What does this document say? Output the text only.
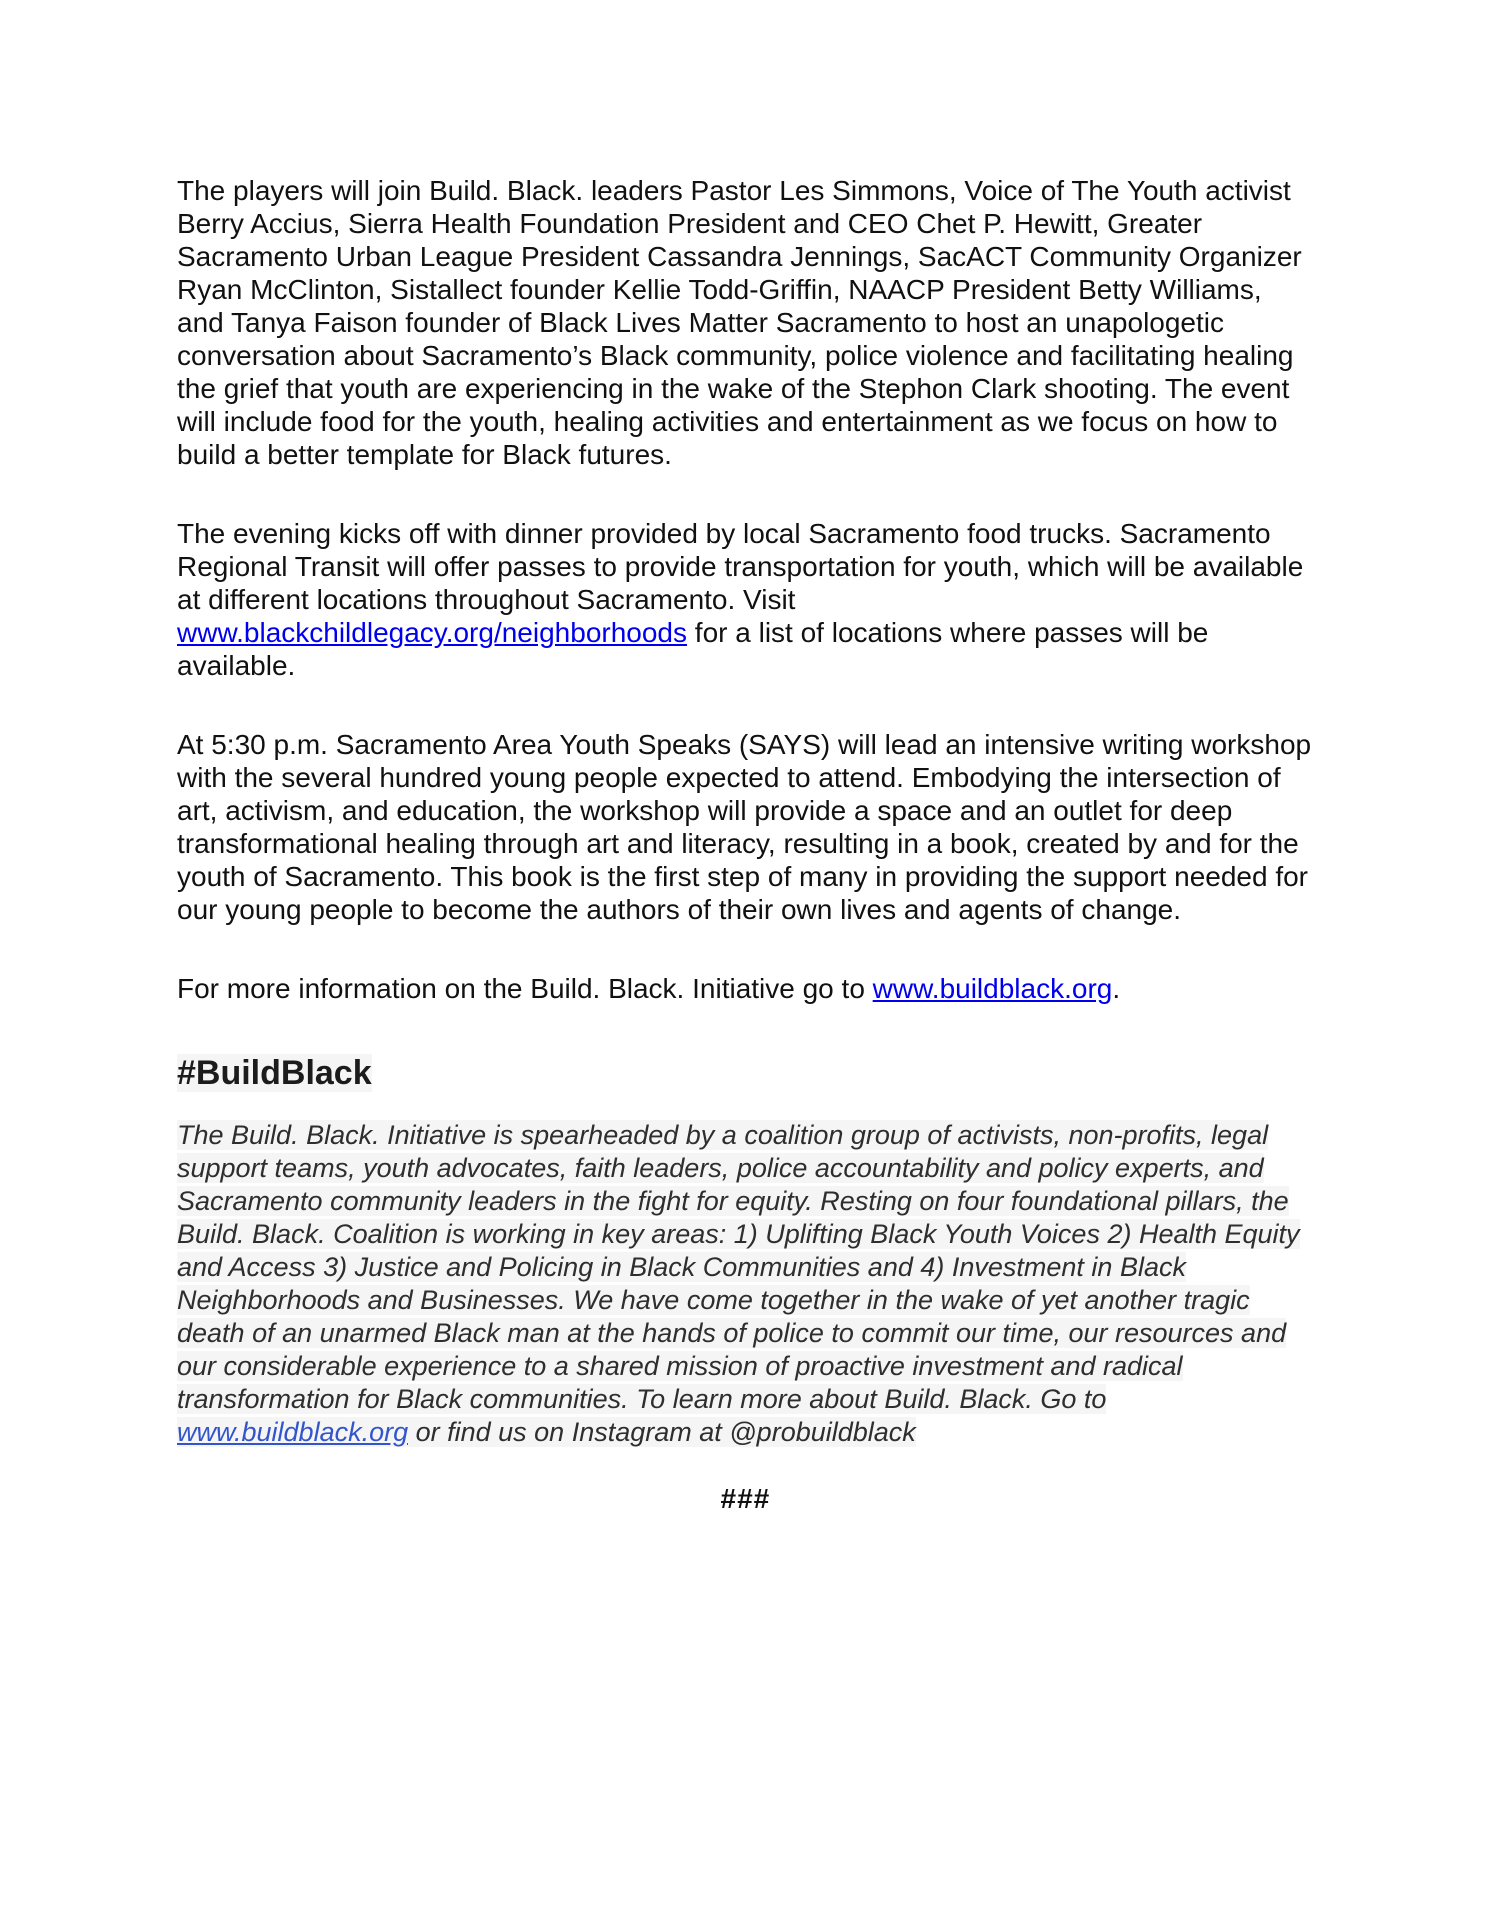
The players will join Build. Black. leaders Pastor Les Simmons, Voice of The Youth activist Berry Accius, Sierra Health Foundation President and CEO Chet P. Hewitt, Greater Sacramento Urban League President Cassandra Jennings, SacACT Community Organizer Ryan McClinton, Sistallect founder Kellie Todd-Griffin, NAACP President Betty Williams, and Tanya Faison founder of Black Lives Matter Sacramento to host an unapologetic conversation about Sacramento’s Black community, police violence and facilitating healing the grief that youth are experiencing in the wake of the Stephon Clark shooting. The event will include food for the youth, healing activities and entertainment as we focus on how to build a better template for Black futures.

The evening kicks off with dinner provided by local Sacramento food trucks. Sacramento Regional Transit will offer passes to provide transportation for youth, which will be available at different locations throughout Sacramento. Visit www.blackchildlegacy.org/neighborhoods for a list of locations where passes will be available.

At 5:30 p.m. Sacramento Area Youth Speaks (SAYS) will lead an intensive writing workshop with the several hundred young people expected to attend. Embodying the intersection of art, activism, and education, the workshop will provide a space and an outlet for deep transformational healing through art and literacy, resulting in a book, created by and for the youth of Sacramento. This book is the first step of many in providing the support needed for our young people to become the authors of their own lives and agents of change.

For more information on the Build. Black. Initiative go to www.buildblack.org.

#BuildBlack

The Build. Black. Initiative is spearheaded by a coalition group of activists, non-profits, legal support teams, youth advocates, faith leaders, police accountability and policy experts, and Sacramento community leaders in the fight for equity. Resting on four foundational pillars, the Build. Black. Coalition is working in key areas: 1) Uplifting Black Youth Voices 2) Health Equity and Access 3) Justice and Policing in Black Communities and 4) Investment in Black Neighborhoods and Businesses. We have come together in the wake of yet another tragic death of an unarmed Black man at the hands of police to commit our time, our resources and our considerable experience to a shared mission of proactive investment and radical transformation for Black communities. To learn more about Build. Black. Go to www.buildblack.org or find us on Instagram at @probuildblack

###
